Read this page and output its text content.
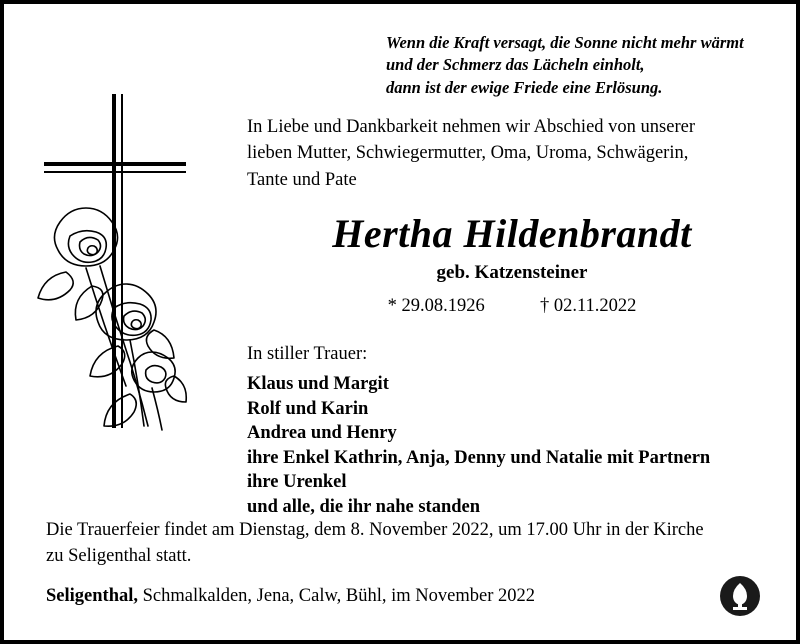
Wenn die Kraft versagt, die Sonne nicht mehr wärmt
und der Schmerz das Lächeln einholt,
dann ist der ewige Friede eine Erlösung.
In Liebe und Dankbarkeit nehmen wir Abschied von unserer
lieben Mutter, Schwiegermutter, Oma, Uroma, Schwägerin,
Tante und Pate
Hertha Hildenbrandt
geb. Katzensteiner
* 29.08.1926	† 02.11.2022
In stiller Trauer:
Klaus und Margit
Rolf und Karin
Andrea und Henry
ihre Enkel Kathrin, Anja, Denny und Natalie mit Partnern
ihre Urenkel
und alle, die ihr nahe standen
Die Trauerfeier findet am Dienstag, dem 8. November 2022, um 17.00 Uhr in der Kirche
zu Seligenthal statt.
Seligenthal, Schmalkalden, Jena, Calw, Bühl, im November 2022
